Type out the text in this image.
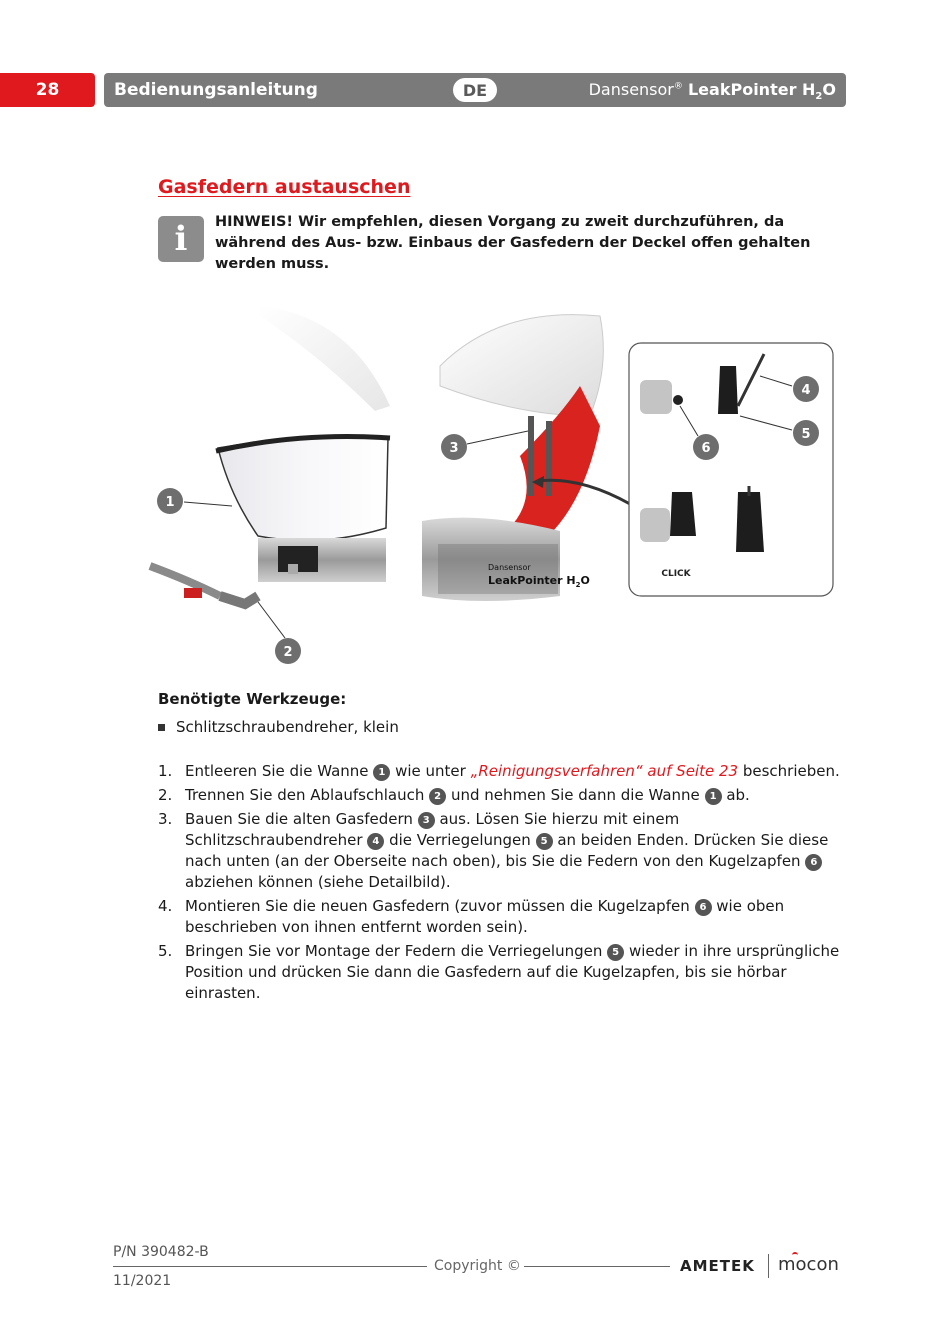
28	Bedienungsanleitung	DE	Dansensor® LeakPointer $H_2O$
Gasfedern austauschen
i HINWEIS! Wir empfehlen, diesen Vorgang zu zweit durchzuführen, da während des Aus- bzw. Einbaus der Gasfedern der Deckel offen gehalten werden muss.
1
2
Dansensor
LeakPointer $H_2O$
3
4
5
6
CLICK
Benötigte Werkzeuge:
Schlitzschraubendreher, klein
1. Entleeren Sie die Wanne 1 wie unter „Reinigungsverfahren“ auf Seite 23 beschrieben.
2. Trennen Sie den Ablaufschlauch 2 und nehmen Sie dann die Wanne 1 ab.
3. Bauen Sie die alten Gasfedern 3 aus. Lösen Sie hierzu mit einem Schlitzschraubendreher 4 die Verriegelungen 5 an beiden Enden. Drücken Sie diese nach unten (an der Oberseite nach oben), bis Sie die Federn von den Kugelzapfen 6 abziehen können (siehe Detailbild).
4. Montieren Sie die neuen Gasfedern (zuvor müssen die Kugelzapfen 6 wie oben beschrieben von ihnen entfernt worden sein).
5. Bringen Sie vor Montage der Federn die Verriegelungen 5 wieder in ihre ursprüngliche Position und drücken Sie dann die Gasfedern auf die Kugelzapfen, bis sie hörbar einrasten.
P/N 390482-B
11/2021
Copyright ©	AMETEK mocon
